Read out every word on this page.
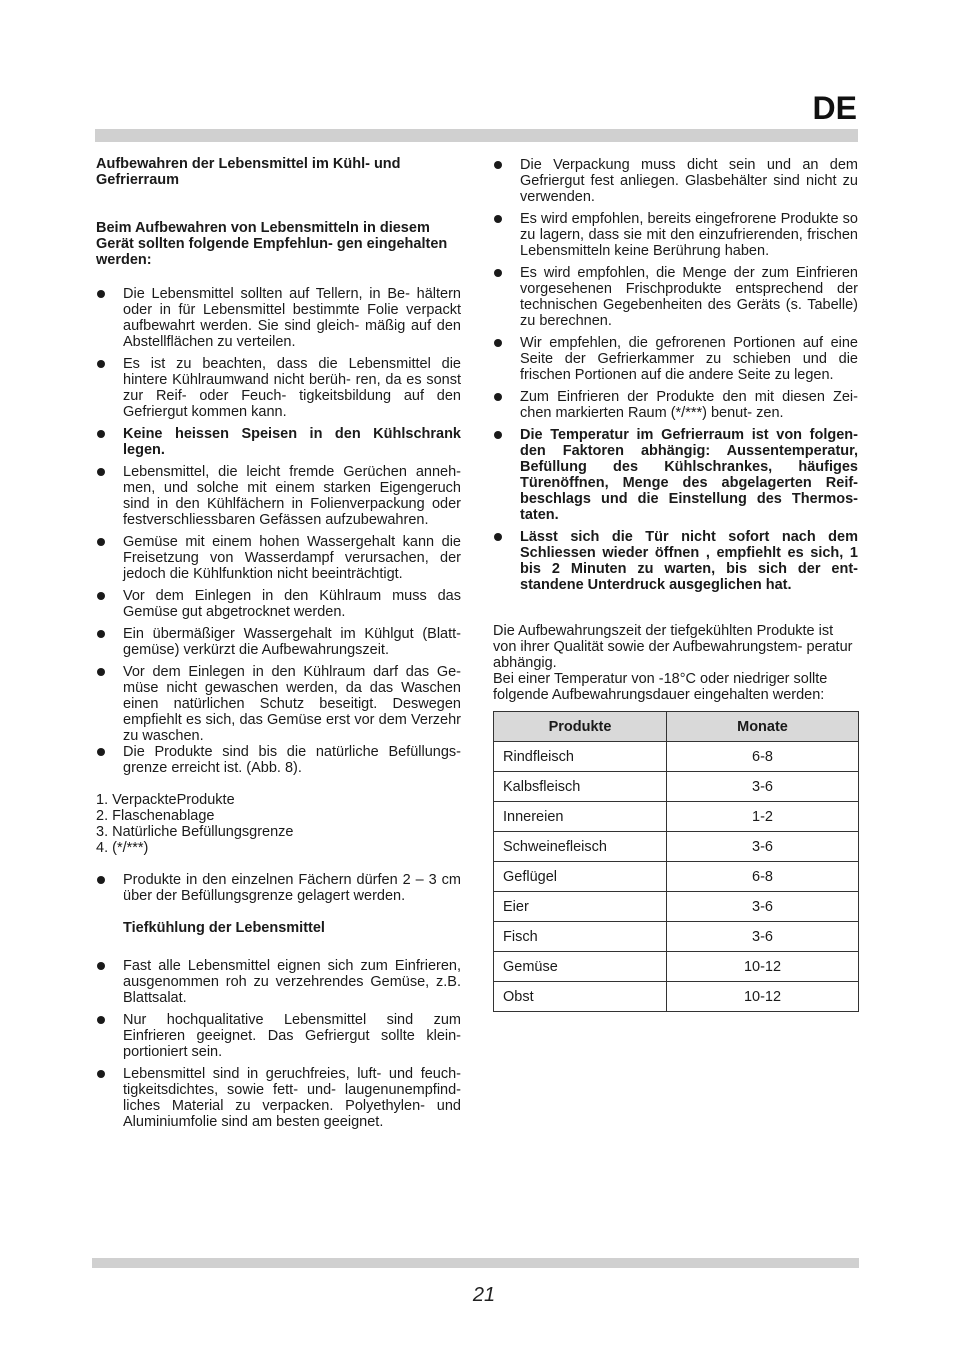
DE

Aufbewahren der Lebensmittel im Kühl- und Gefrierraum

Beim Aufbewahren von Lebensmitteln in diesem Gerät sollten folgende Empfehlun- gen eingehalten werden:

Die Lebensmittel sollten auf Tellern, in Be- hältern oder in für Lebensmittel bestimmte Folie verpackt aufbewahrt werden. Sie sind gleich- mäßig auf den Abstellflächen zu verteilen.
Es ist zu beachten, dass die Lebensmittel die hintere Kühlraumwand nicht berüh- ren, da es sonst zur Reif- oder Feuch- tigkeitsbildung auf den Gefriergut kommen kann.
Keine heissen Speisen in den Kühlschrank legen.
Lebensmittel, die leicht fremde Gerüchen anneh- men, und solche mit einem starken Eigengeruch sind in den Kühlfächern in Folienverpackung oder festverschliessbaren Gefässen aufzubewahren.
Gemüse mit einem hohen Wassergehalt kann die Freisetzung von Wasserdampf verursachen, der jedoch die Kühlfunktion nicht beeinträchtigt.
Vor dem Einlegen in den Kühlraum muss das Gemüse gut abgetrocknet werden.
Ein übermäßiger Wassergehalt im Kühlgut (Blatt- gemüse) verkürzt die Aufbewahrungszeit.
Vor dem Einlegen in den Kühlraum darf das Ge- müse nicht gewaschen werden, da das Waschen einen natürlichen Schutz beseitigt. Deswegen empfiehlt es sich, das Gemüse erst vor dem Verzehr zu waschen.
Die Produkte sind bis die natürliche Befüllungs- grenze erreicht ist. (Abb. 8).

1. VerpackteProdukte

2. Flaschenablage

3. Natürliche Befüllungsgrenze

4. (*/***)

Produkte in den einzelnen Fächern dürfen 2 – 3 cm über der Befüllungsgrenze gelagert werden.

Tiefkühlung der Lebensmittel

Fast alle Lebensmittel eignen sich zum Einfrieren, ausgenommen roh zu verzehrendes Gemüse, z.B. Blattsalat.
Nur hochqualitative Lebensmittel sind zum Einfrieren geeignet. Das Gefriergut sollte klein- portioniert sein.
Lebensmittel sind in geruchfreies, luft- und feuch- tigkeitsdichtes, sowie fett- und- laugenunempfind- liches Material zu verpacken. Polyethylen- und Aluminiumfolie sind am besten geeignet.
Die Verpackung muss dicht sein und an dem Gefriergut fest anliegen. Glasbehälter sind nicht zu verwenden.
Es wird empfohlen, bereits eingefrorene Produkte so zu lagern, dass sie mit den einzufrierenden, frischen Lebensmitteln keine Berührung haben.
Es wird empfohlen, die Menge der zum Einfrieren vorgesehenen Frischprodukte entsprechend der technischen Gegebenheiten des Geräts (s. Tabelle) zu berechnen.
Wir empfehlen, die gefrorenen Portionen auf eine Seite der Gefrierkammer zu schieben und die frischen Portionen auf die andere Seite zu legen.
Zum Einfrieren der Produkte den mit diesen Zei- chen markierten Raum (*/***) benut- zen.
Die Temperatur im Gefrierraum ist von folgen- den Faktoren abhängig: Aussentemperatur, Befüllung des Kühlschrankes, häufiges Türenöffnen, Menge des abgelagerten Reif- beschlags und die Einstellung des Thermos- taten.
Lässt sich die Tür nicht sofort nach dem Schliessen wieder öffnen , empfiehlt es sich, 1 bis 2 Minuten zu warten, bis sich der ent- standene Unterdruck ausgeglichen hat.

Die Aufbewahrungszeit der tiefgekühlten Produkte ist von ihrer Qualität sowie der Aufbewahrungstem- peratur abhängig.

Bei einer Temperatur von -18°C oder niedriger sollte folgende Aufbewahrungsdauer eingehalten werden:

Produkte	Monate
Rindfleisch	6-8
Kalbsfleisch	3-6
Innereien	1-2
Schweinefleisch	3-6
Geflügel	6-8
Eier	3-6
Fisch	3-6
Gemüse	10-12
Obst	10-12
21
